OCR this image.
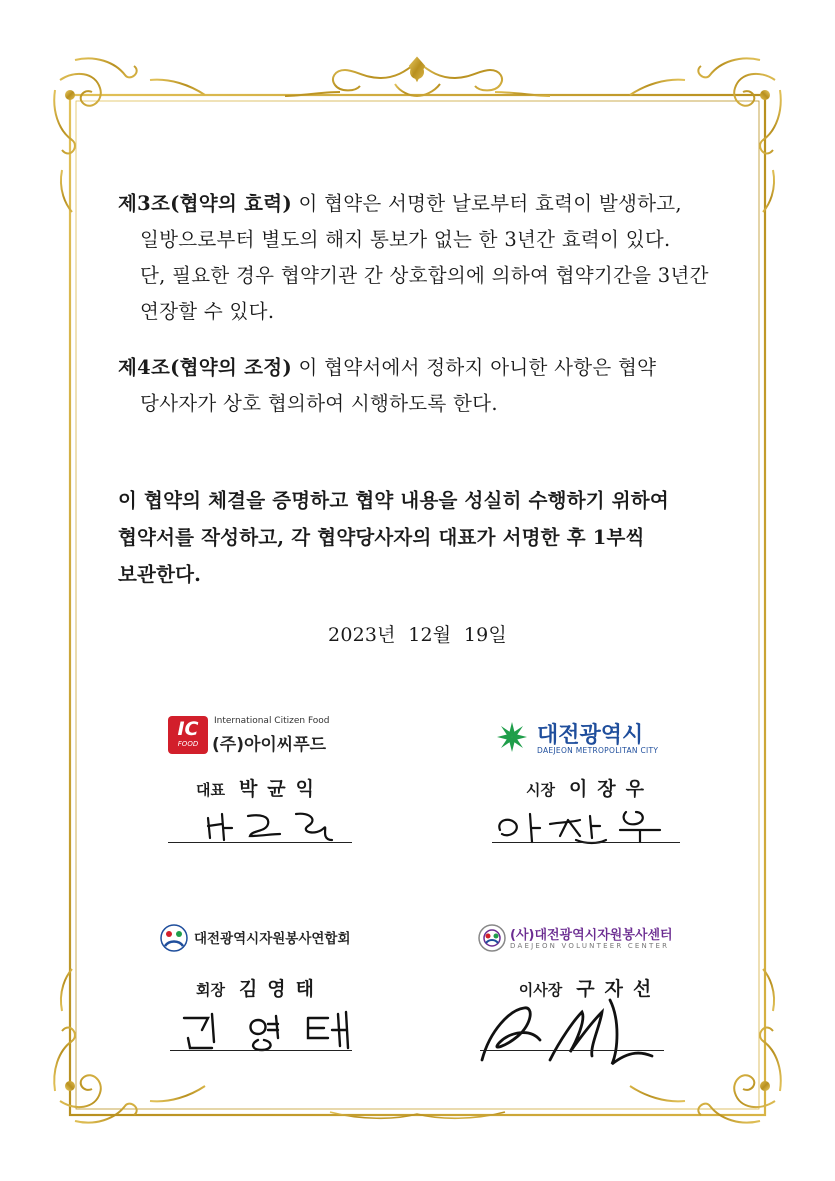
제3조(협약의 효력) 이 협약은 서명한 날로부터 효력이 발생하고,
일방으로부터 별도의 해지 통보가 없는 한 3년간 효력이 있다.
단, 필요한 경우 협약기관 간 상호합의에 의하여 협약기간을 3년간
연장할 수 있다.
제4조(협약의 조정) 이 협약서에서 정하지 아니한 사항은 협약
당사자가 상호 협의하여 시행하도록 한다.
이 협약의 체결을 증명하고 협약 내용을 성실히 수행하기 위하여
협약서를 작성하고, 각 협약당사자의 대표가 서명한 후 1부씩
보관한다.
2023년  12월  19일
IC
FOOD
International Citizen Food
(주)아이씨푸드
대표 박균익
대전광역시
DAEJEON METROPOLITAN CITY
시장 이장우
대전광역시자원봉사연합회
회장 김영태
(사)대전광역시자원봉사센터
DAEJEON VOLUNTEER CENTER
이사장 구자선
